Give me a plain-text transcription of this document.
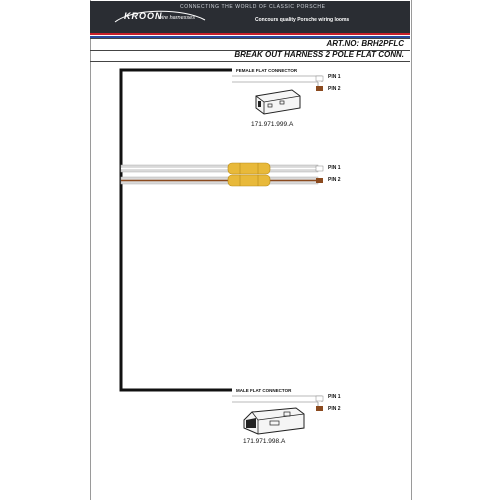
CONNECTING THE WORLD OF CLASSIC PORSCHE
KROON
wire harnesses	Concours quality Porsche wiring looms
ART.NO: BRH2PFLC
BREAK OUT HARNESS 2 POLE FLAT CONN.
FEMALE FLAT CONNECTOR
PIN 1
PIN 2
171.971.999.A
PIN 1
PIN 2
MALE FLAT CONNECTOR
PIN 1
PIN 2
171.971.998.A
